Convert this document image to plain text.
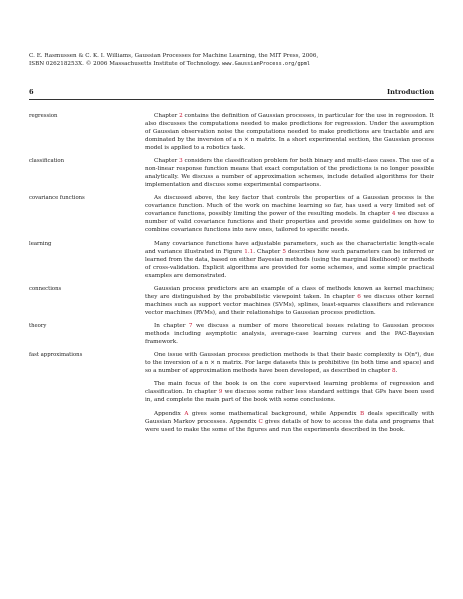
C. E. Rasmussen & C. K. I. Williams, Gaussian Processes for Machine Learning, the MIT Press, 2006,
ISBN 026218253X. © 2006 Massachusetts Institute of Technology. www.GaussianProcess.org/gpml
6	Introduction

regression	Chapter 2 contains the definition of Gaussian processes, in particular for the use in regression. It also discusses the computations needed to make predictions for regression. Under the assumption of Gaussian observation noise the computations needed to make predictions are tractable and are dominated by the inversion of a n × n matrix. In a short experimental section, the Gaussian process model is applied to a robotics task.
classification	Chapter 3 considers the classification problem for both binary and multi-class cases. The use of a non-linear response function means that exact computation of the predictions is no longer possible analytically. We discuss a number of approximation schemes, include detailed algorithms for their implementation and discuss some experimental comparisons.
covariance functions	As discussed above, the key factor that controls the properties of a Gaussian process is the covariance function. Much of the work on machine learning so far, has used a very limited set of covariance functions, possibly limiting the power of the resulting models. In chapter 4 we discuss a number of valid covariance functions and their properties and provide some guidelines on how to combine covariance functions into new ones, tailored to specific needs.
learning	Many covariance functions have adjustable parameters, such as the characteristic length-scale and variance illustrated in Figure 1.1. Chapter 5 describes how such parameters can be inferred or learned from the data, based on either Bayesian methods (using the marginal likelihood) or methods of cross-validation. Explicit algorithms are provided for some schemes, and some simple practical examples are demonstrated.
connections	Gaussian process predictors are an example of a class of methods known as kernel machines; they are distinguished by the probabilistic viewpoint taken. In chapter 6 we discuss other kernel machines such as support vector machines (SVMs), splines, least-squares classifiers and relevance vector machines (RVMs), and their relationships to Gaussian process prediction.
theory	In chapter 7 we discuss a number of more theoretical issues relating to Gaussian process methods including asymptotic analysis, average-case learning curves and the PAC-Bayesian framework.
fast approximations	One issue with Gaussian process prediction methods is that their basic complexity is O(n³), due to the inversion of a n × n matrix. For large datasets this is prohibitive (in both time and space) and so a number of approximation methods have been developed, as described in chapter 8.
The main focus of the book is on the core supervised learning problems of regression and classification. In chapter 9 we discuss some rather less standard settings that GPs have been used in, and complete the main part of the book with some conclusions.
Appendix A gives some mathematical background, while Appendix B deals specifically with Gaussian Markov processes. Appendix C gives details of how to access the data and programs that were used to make the some of the figures and run the experiments described in the book.
